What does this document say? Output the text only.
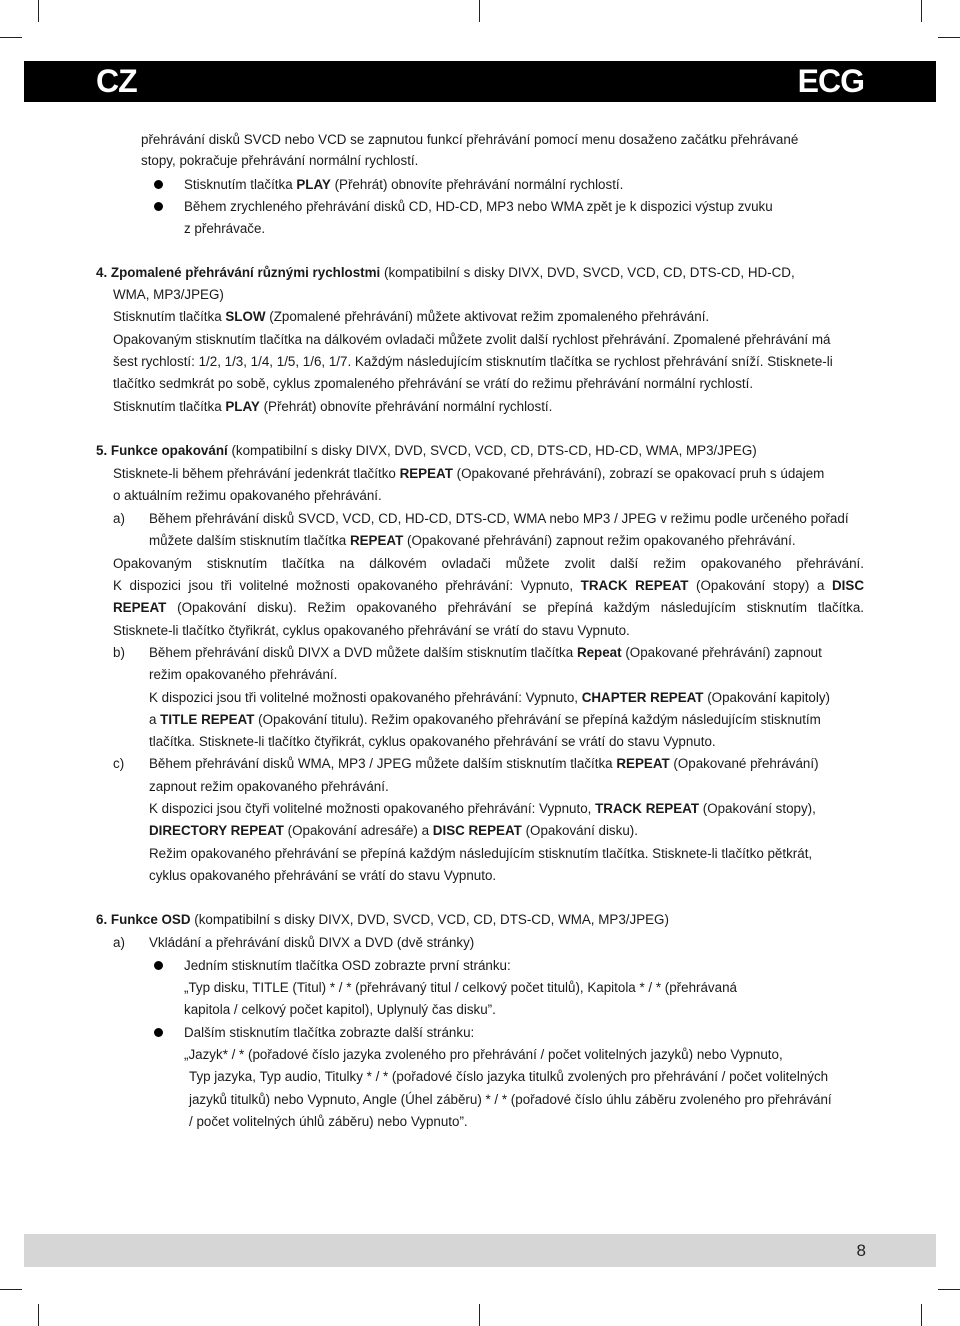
CZ	ECG
přehrávání disků SVCD nebo VCD se zapnutou funkcí přehrávání pomocí menu dosaženo začátku přehrávané
stopy, pokračuje přehrávání normální rychlostí.
Stisknutím tlačítka PLAY (Přehrát) obnovíte přehrávání normální rychlostí.
Během zrychleného přehrávání disků CD, HD-CD, MP3 nebo WMA zpět je k dispozici výstup zvuku
z přehrávače.
4. Zpomalené přehrávání různými rychlostmi (kompatibilní s disky DIVX, DVD, SVCD, VCD, CD, DTS-CD, HD-CD,
WMA, MP3/JPEG)
Stisknutím tlačítka SLOW (Zpomalené přehrávání) můžete aktivovat režim zpomaleného přehrávání.
Opakovaným stisknutím tlačítka na dálkovém ovladači můžete zvolit další rychlost přehrávání. Zpomalené přehrávání má
šest rychlostí: 1/2, 1/3, 1/4, 1/5, 1/6, 1/7. Každým následujícím stisknutím tlačítka se rychlost přehrávání sníží. Stisknete-li
tlačítko sedmkrát po sobě, cyklus zpomaleného přehrávání se vrátí do režimu přehrávání normální rychlostí.
Stisknutím tlačítka PLAY (Přehrát) obnovíte přehrávání normální rychlostí.
5. Funkce opakování (kompatibilní s disky DIVX, DVD, SVCD, VCD, CD, DTS-CD, HD-CD, WMA, MP3/JPEG)
Stisknete-li během přehrávání jedenkrát tlačítko REPEAT (Opakované přehrávání), zobrazí se opakovací pruh s údajem
o aktuálním režimu opakovaného přehrávání.
a) Během přehrávání disků SVCD, VCD, CD, HD-CD, DTS-CD, WMA nebo MP3 / JPEG v režimu podle určeného pořadí
můžete dalším stisknutím tlačítka REPEAT (Opakované přehrávání) zapnout režim opakovaného přehrávání.
Opakovaným stisknutím tlačítka na dálkovém ovladači můžete zvolit další režim opakovaného přehrávání.
K dispozici jsou tři volitelné možnosti opakovaného přehrávání: Vypnuto, TRACK REPEAT (Opakování stopy) a DISC
REPEAT (Opakování disku). Režim opakovaného přehrávání se přepíná každým následujícím stisknutím tlačítka.
Stisknete-li tlačítko čtyřikrát, cyklus opakovaného přehrávání se vrátí do stavu Vypnuto.
b) Během přehrávání disků DIVX a DVD můžete dalším stisknutím tlačítka Repeat (Opakované přehrávání) zapnout
režim opakovaného přehrávání.
K dispozici jsou tři volitelné možnosti opakovaného přehrávání: Vypnuto, CHAPTER REPEAT (Opakování kapitoly)
a TITLE REPEAT (Opakování titulu). Režim opakovaného přehrávání se přepíná každým následujícím stisknutím
tlačítka. Stisknete-li tlačítko čtyřikrát, cyklus opakovaného přehrávání se vrátí do stavu Vypnuto.
c) Během přehrávání disků WMA, MP3 / JPEG můžete dalším stisknutím tlačítka REPEAT (Opakované přehrávání)
zapnout režim opakovaného přehrávání.
K dispozici jsou čtyři volitelné možnosti opakovaného přehrávání: Vypnuto, TRACK REPEAT (Opakování stopy),
DIRECTORY REPEAT (Opakování adresáře) a DISC REPEAT (Opakování disku).
Režim opakovaného přehrávání se přepíná každým následujícím stisknutím tlačítka. Stisknete-li tlačítko pětkrát,
cyklus opakovaného přehrávání se vrátí do stavu Vypnuto.
6. Funkce OSD (kompatibilní s disky DIVX, DVD, SVCD, VCD, CD, DTS-CD, WMA, MP3/JPEG)
a) Vkládání a přehrávání disků DIVX a DVD (dvě stránky)
Jedním stisknutím tlačítka OSD zobrazte první stránku:
„Typ disku, TITLE (Titul) * / * (přehrávaný titul / celkový počet titulů), Kapitola * / * (přehrávaná
kapitola / celkový počet kapitol), Uplynulý čas disku”.
Dalším stisknutím tlačítka zobrazte další stránku:
„Jazyk* / * (pořadové číslo jazyka zvoleného pro přehrávání / počet volitelných jazyků) nebo Vypnuto,
Typ jazyka, Typ audio, Titulky * / * (pořadové číslo jazyka titulků zvolených pro přehrávání / počet volitelných
jazyků titulků) nebo Vypnuto, Angle (Úhel záběru) * / * (pořadové číslo úhlu záběru zvoleného pro přehrávání
/ počet volitelných úhlů záběru) nebo Vypnuto”.
8
